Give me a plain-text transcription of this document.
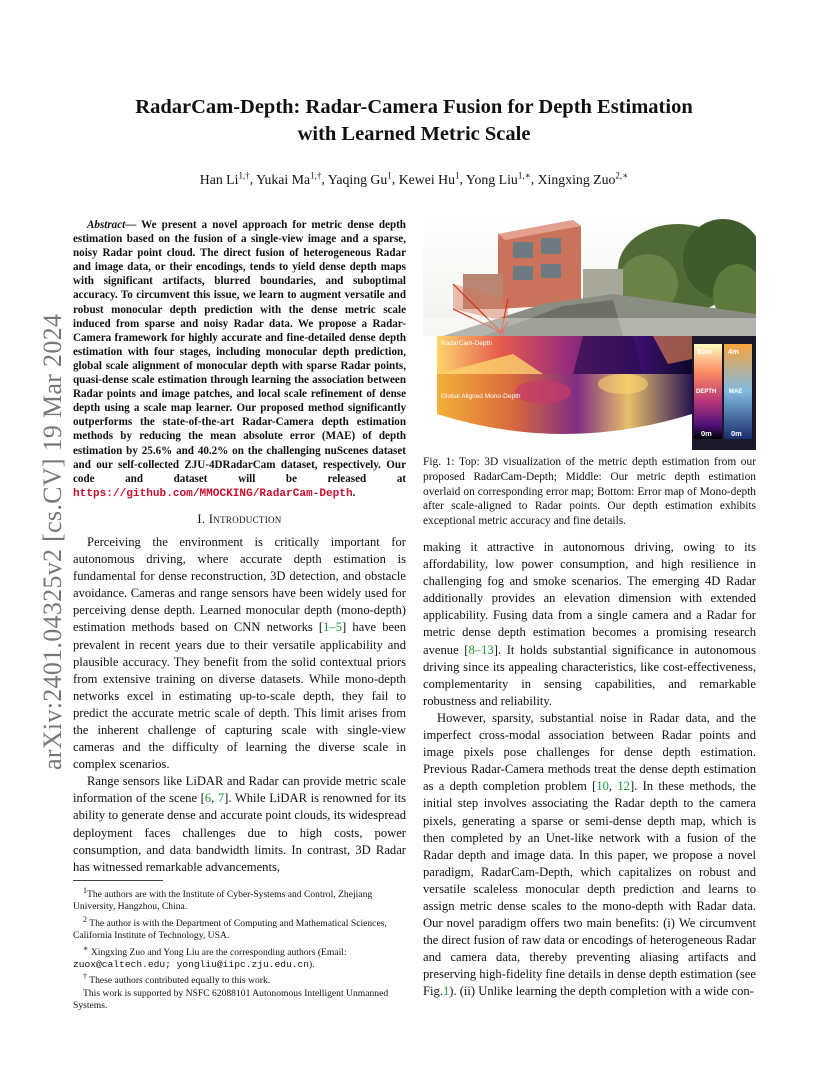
arXiv:2401.04325v2 [cs.CV] 19 Mar 2024
RadarCam-Depth: Radar-Camera Fusion for Depth Estimation
with Learned Metric Scale
Han $Li^{1,\dagger}$, Yukai $Ma^{1,\dagger}$, Yaqing Gu$^1$, Kewei Hu$^1$, Yong Liu$^{1,∗}$, Xingxing Zuo$^{2,∗}$

Abstract— We present a novel approach for metric dense depth estimation based on the fusion of a single-view image and a sparse, noisy Radar point cloud. The direct fusion of heterogeneous Radar and image data, or their encodings, tends to yield dense depth maps with significant artifacts, blurred boundaries, and suboptimal accuracy. To circumvent this issue, we learn to augment versatile and robust monocular depth prediction with the dense metric scale induced from sparse and noisy Radar data. We propose a Radar-Camera framework for highly accurate and fine-detailed dense depth estimation with four stages, including monocular depth prediction, global scale alignment of monocular depth with sparse Radar points, quasi-dense scale estimation through learning the association between Radar points and image patches, and local scale refinement of dense depth using a scale map learner. Our proposed method significantly outperforms the state-of-the-art Radar-Camera depth estimation methods by reducing the mean absolute error (MAE) of depth estimation by 25.6% and 40.2% on the challenging nuScenes dataset and our self-collected ZJU-4DRadarCam dataset, respectively. Our code and dataset will be released at https://github.com/MMOCKING/RadarCam-Depth.

I. Introduction

Perceiving the environment is critically important for autonomous driving, where accurate depth estimation is fundamental for dense reconstruction, 3D detection, and obstacle avoidance. Cameras and range sensors have been widely used for perceiving dense depth. Learned monocular depth (mono-depth) estimation methods based on CNN networks [1–5] have been prevalent in recent years due to their versatile applicability and plausible accuracy. They benefit from the solid contextual priors from extensive training on diverse datasets. While mono-depth networks excel in estimating up-to-scale depth, they fail to predict the accurate metric scale of depth. This limit arises from the inherent challenge of capturing scale with single-view cameras and the difficulty of learning the diverse scale in complex scenarios.

Range sensors like LiDAR and Radar can provide metric scale information of the scene [6, 7]. While LiDAR is renowned for its ability to generate dense and accurate point clouds, its widespread deployment faces challenges due to high costs, power consumption, and data bandwidth limits. In contrast, 3D Radar has witnessed remarkable advancements,

$^1$The authors are with the Institute of Cyber-Systems and Control, Zhejiang University, Hangzhou, China.

$^2$ The author is with the Department of Computing and Mathematical Sciences, California Institute of Technology, USA.

∗ Xingxing Zuo and Yong Liu are the corresponding authors (Email: zuox@caltech.edu; yongliu@iipc.zju.edu.cn).

† These authors contributed equally to this work.

This work is supported by NSFC 62088101 Autonomous Intelligent Unmanned Systems.

RadarCam-Depth
Global Aligned Mono-Depth
80m 4m
DEPTH MAE
0m	0m
Fig. 1: Top: 3D visualization of the metric depth estimation from our proposed RadarCam-Depth; Middle: Our metric depth estimation overlaid on corresponding error map; Bottom: Error map of Mono-depth after scale-aligned to Radar points. Our depth estimation exhibits exceptional metric accuracy and fine details.

making it attractive in autonomous driving, owing to its affordability, low power consumption, and high resilience in challenging fog and smoke scenarios. The emerging 4D Radar additionally provides an elevation dimension with extended applicability. Fusing data from a single camera and a Radar for metric dense depth estimation becomes a promising research avenue [8–13]. It holds substantial significance in autonomous driving since its appealing characteristics, like cost-effectiveness, complementarity in sensing capabilities, and remarkable robustness and reliability.

However, sparsity, substantial noise in Radar data, and the imperfect cross-modal association between Radar points and image pixels pose challenges for dense depth estimation. Previous Radar-Camera methods treat the dense depth estimation as a depth completion problem [10, 12]. In these methods, the initial step involves associating the Radar depth to the camera pixels, generating a sparse or semi-dense depth map, which is then completed by an Unet-like network with a fusion of the Radar depth and image data. In this paper, we propose a novel paradigm, RadarCam-Depth, which capitalizes on robust and versatile scaleless monocular depth prediction and learns to assign metric dense scales to the mono-depth with Radar data. Our novel paradigm offers two main benefits: (i) We circumvent the direct fusion of raw data or encodings of heterogeneous Radar and camera data, thereby preventing aliasing artifacts and preserving high-fidelity fine details in dense depth estimation (see Fig.1). (ii) Unlike learning the depth completion with a wide con-
